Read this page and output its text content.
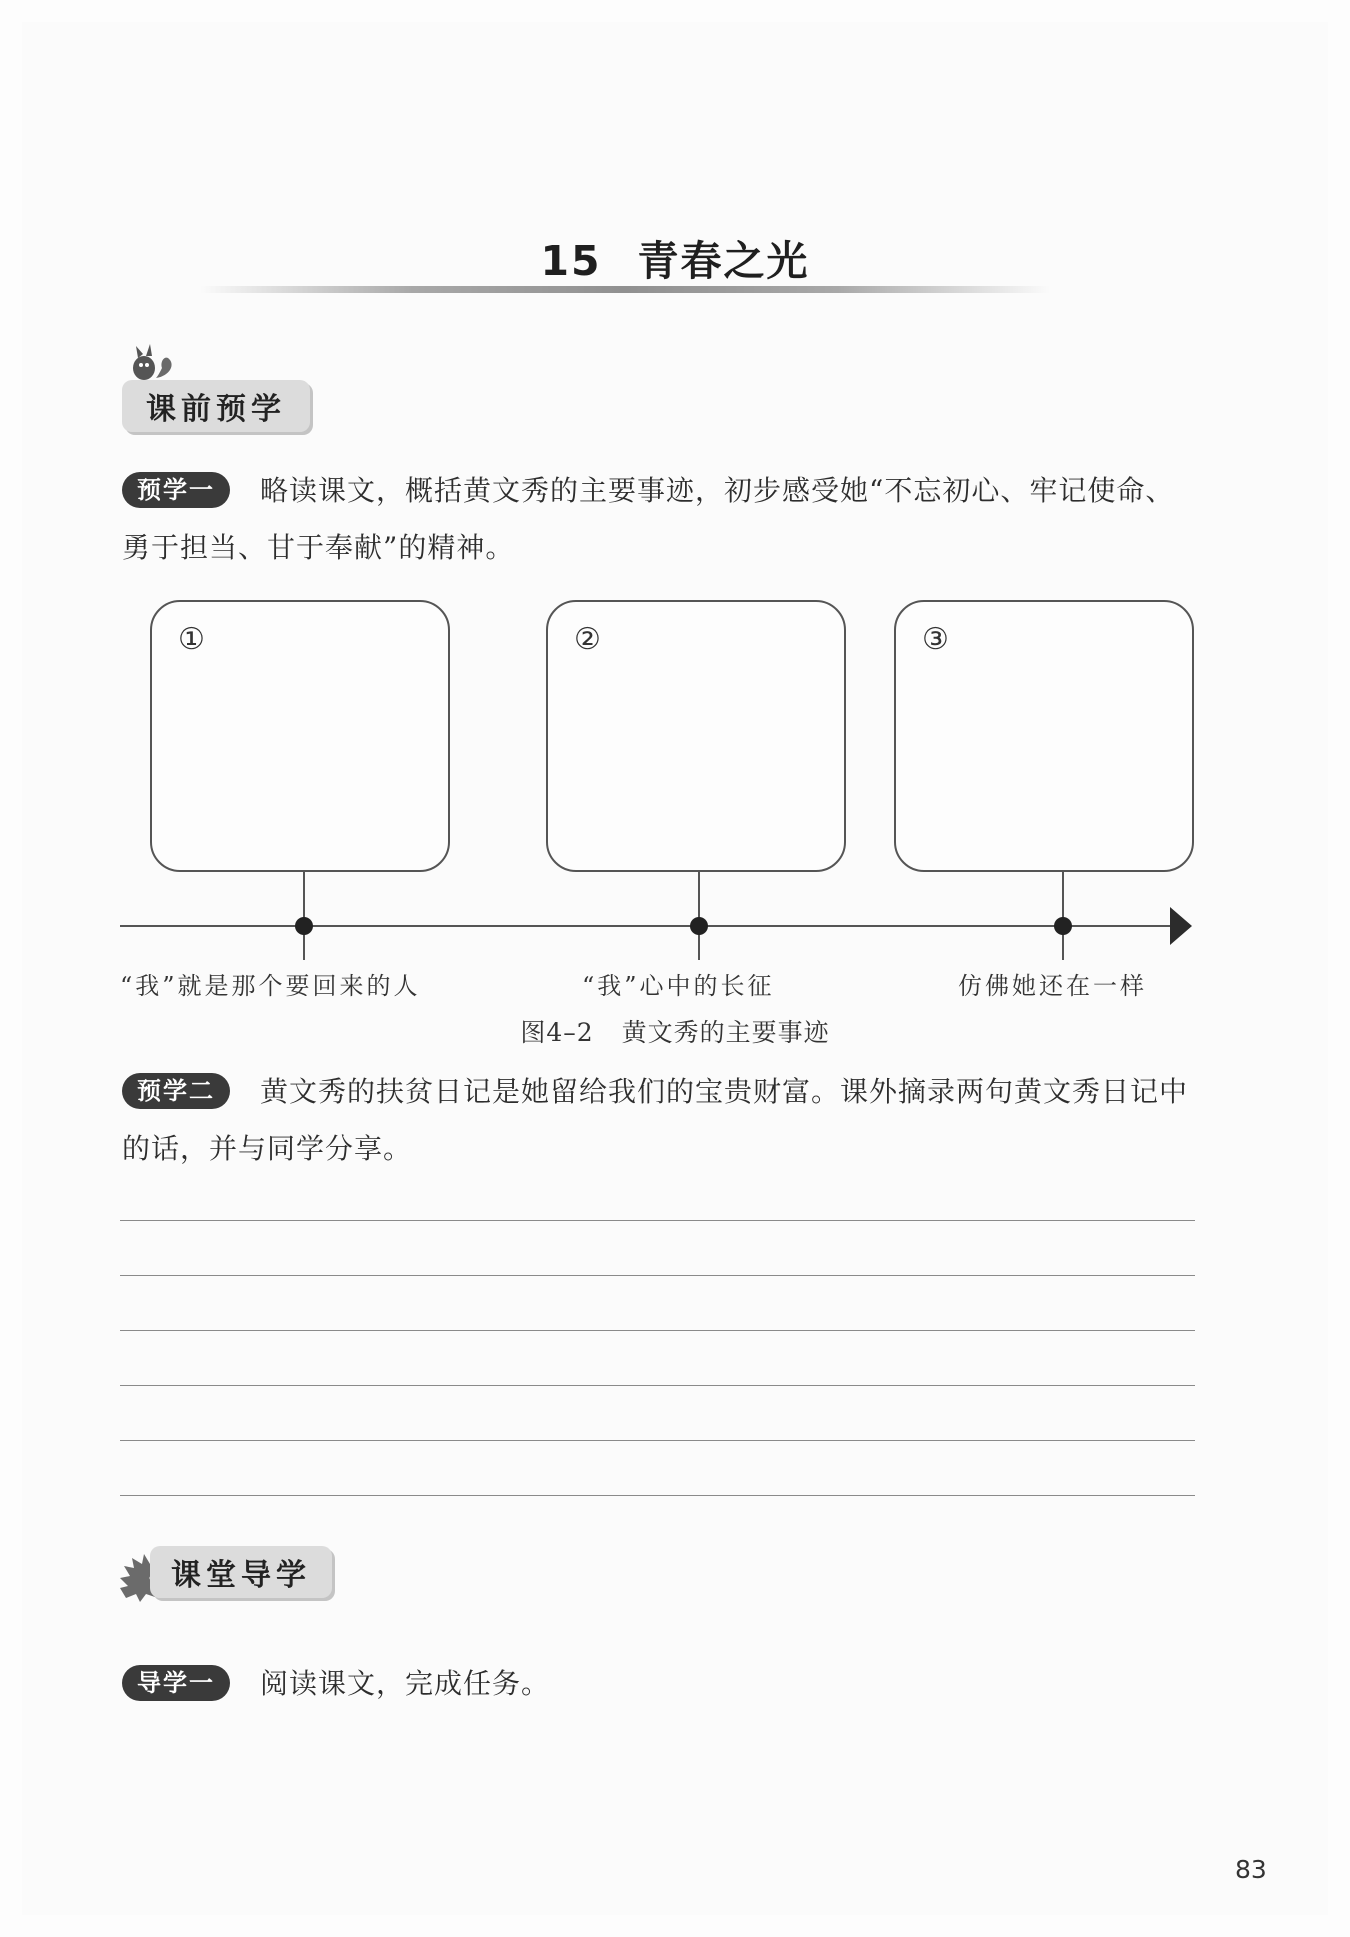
15 青春之光
课前预学
预学一	略读课文，概括黄文秀的主要事迹，初步感受她“不忘初心、牢记使命、勇于担当、甘于奉献”的精神。
①	②	③
“我”就是那个要回来的人	“我”心中的长征	仿佛她还在一样
图4–2 黄文秀的主要事迹
预学二	黄文秀的扶贫日记是她留给我们的宝贵财富。课外摘录两句黄文秀日记中的话，并与同学分享。
课堂导学
导学一	阅读课文，完成任务。
83
